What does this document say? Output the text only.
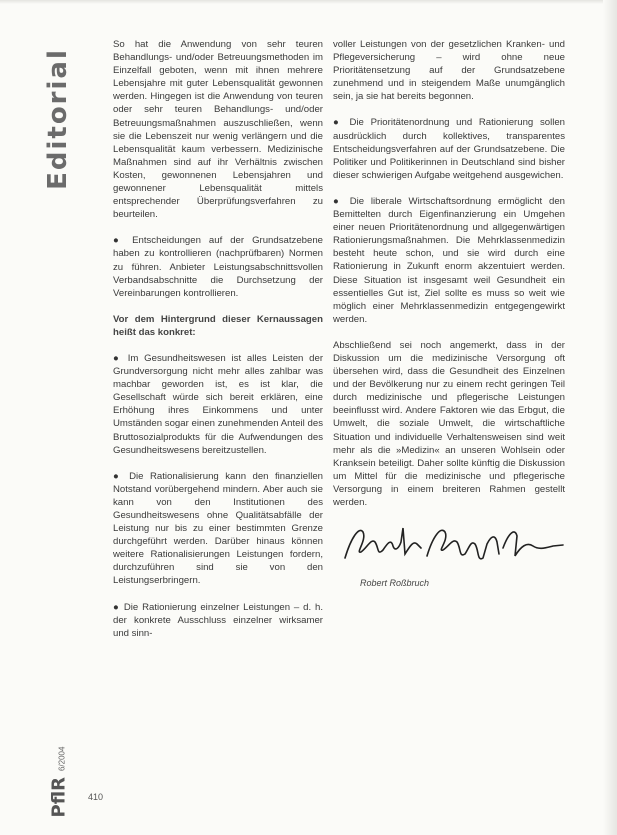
Editorial

So hat die Anwendung von sehr teuren Behandlungs- und/oder Betreuungsmethoden im Einzelfall geboten, wenn mit ihnen mehrere Lebensjahre mit guter Lebensqualität gewonnen werden. Hingegen ist die Anwendung von teuren oder sehr teuren Behandlungs- und/oder Betreuungsmaßnahmen auszuschließen, wenn sie die Lebenszeit nur wenig verlängern und die Lebensqualität kaum verbessern. Medizinische Maßnahmen sind auf ihr Verhältnis zwischen Kosten, gewonnenen Lebensjahren und gewonnener Lebensqualität mittels entsprechender Überprüfungsverfahren zu beurteilen.

● Entscheidungen auf der Grundsatzebene haben zu kontrollieren (nachprüfbaren) Normen zu führen. Anbieter Leistungsabschnittsvollen Verbandsabschnitte die Durchsetzung der Vereinbarungen kontrollieren.

Vor dem Hintergrund dieser Kernaussagen heißt das konkret:

● Im Gesundheitswesen ist alles Leisten der Grundversorgung nicht mehr alles zahlbar was machbar geworden ist, es ist klar, die Gesellschaft würde sich bereit erklären, eine Erhöhung ihres Einkommens und unter Umständen sogar einen zunehmenden Anteil des Bruttosozialprodukts für die Aufwendungen des Gesundheitswesens bereitzustellen.

● Die Rationalisierung kann den finanziellen Notstand vorübergehend mindern. Aber auch sie kann von den Institutionen des Gesundheitswesens ohne Qualitätsabfälle der Leistung nur bis zu einer bestimmten Grenze durchgeführt werden. Darüber hinaus können weitere Rationalisierungen Leistungen fordern, durchzuführen sind sie von den Leistungserbringern.

● Die Rationierung einzelner Leistungen – d. h. der konkrete Ausschluss einzelner wirksamer und sinn-

voller Leistungen von der gesetzlichen Kranken- und Pflegeversicherung – wird ohne neue Prioritätensetzung auf der Grundsatzebene zunehmend und in steigendem Maße unumgänglich sein, ja sie hat bereits begonnen.

● Die Prioritätenordnung und Rationierung sollen ausdrücklich durch kollektives, transparentes Entscheidungsverfahren auf der Grundsatzebene. Die Politiker und Politikerinnen in Deutschland sind bisher dieser schwierigen Aufgabe weitgehend ausgewichen.

● Die liberale Wirtschaftsordnung ermöglicht den Bemittelten durch Eigenfinanzierung ein Umgehen einer neuen Prioritätenordnung und allgegenwärtigen Rationierungsmaßnahmen. Die Mehrklassenmedizin besteht heute schon, und sie wird durch eine Rationierung in Zukunft enorm akzentuiert werden. Diese Situation ist insgesamt weil Gesundheit ein essentielles Gut ist, Ziel sollte es muss so weit wie möglich einer Mehrklassenmedizin entgegengewirkt werden.

Abschließend sei noch angemerkt, dass in der Diskussion um die medizinische Versorgung oft übersehen wird, dass die Gesundheit des Einzelnen und der Bevölkerung nur zu einem recht geringen Teil durch medizinische und pflegerische Leistungen beeinflusst wird. Andere Faktoren wie das Erbgut, die Umwelt, die soziale Umwelt, die wirtschaftliche Situation und individuelle Verhaltensweisen sind weit mehr als die »Medizin« an unseren Wohlsein oder Kranksein beteiligt. Daher sollte künftig die Diskussion um Mittel für die medizinische und pflegerische Versorgung in einem breiteren Rahmen gestellt werden.

Robert Roßbruch
PflR
6/2004
410
